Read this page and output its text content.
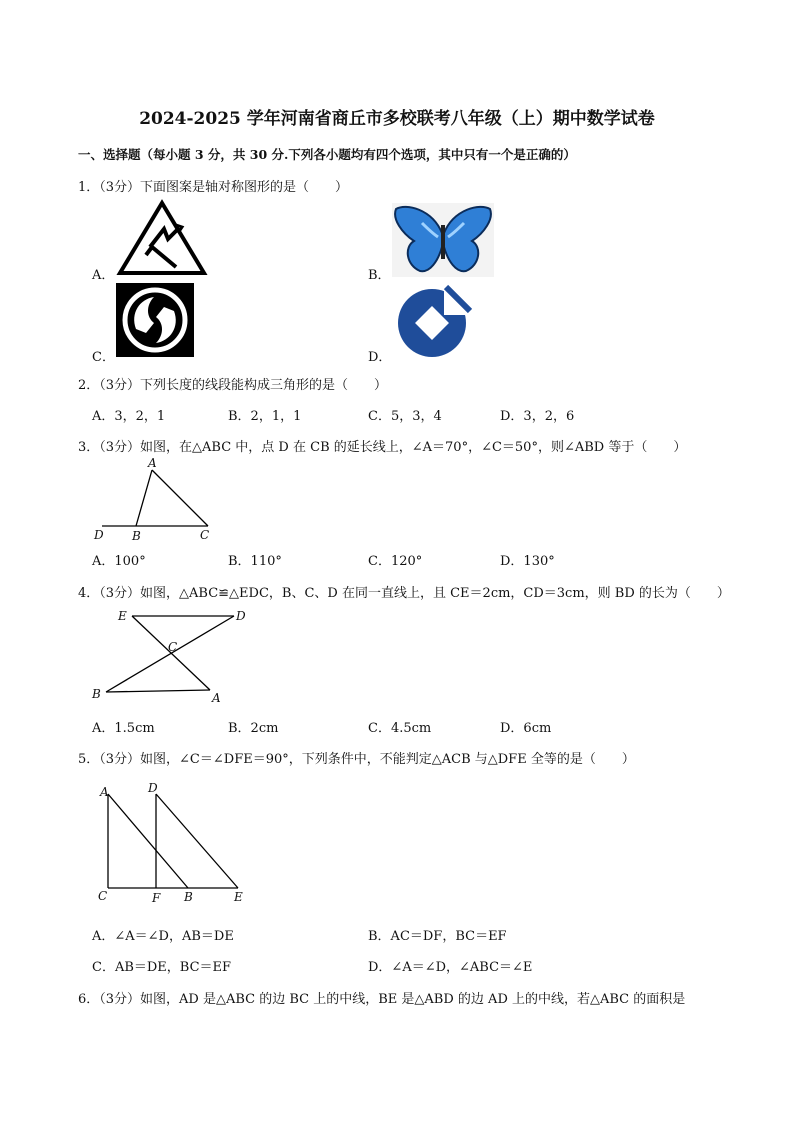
2024-2025 学年河南省商丘市多校联考八年级（上）期中数学试卷
一、选择题（每小题 3 分，共 30 分.下列各小题均有四个选项，其中只有一个是正确的）
1．（3分）下面图案是轴对称图形的是（　　）
A．	B．
C．	D．
2．（3分）下列长度的线段能构成三角形的是（　　）
A．3，2，1	B．2，1，1	C．5，3，4	D．3，2，6
3．（3分）如图，在△ABC 中，点 D 在 CB 的延长线上，∠A＝70°，∠C＝50°，则∠ABD 等于（　　）
A
B	C
D
A．100°	B．110°	C．120°	D．130°
4．（3分）如图，△ABC≌△EDC，B、C、D 在同一直线上，且 CE＝2cm，CD＝3cm，则 BD 的长为（　　）
E	D
C
B	A
A．1.5cm	B．2cm	C．4.5cm	D．6cm
5．（3分）如图，∠C＝∠DFE＝90°，下列条件中，不能判定△ACB 与△DFE 全等的是（　　）
A	D
C	F B	E
A．∠A＝∠D，AB＝DE	B．AC＝DF，BC＝EF
C．AB＝DE，BC＝EF	D．∠A＝∠D，∠ABC＝∠E
6．（3分）如图，AD 是△ABC 的边 BC 上的中线，BE 是△ABD 的边 AD 上的中线，若△ABC 的面积是
